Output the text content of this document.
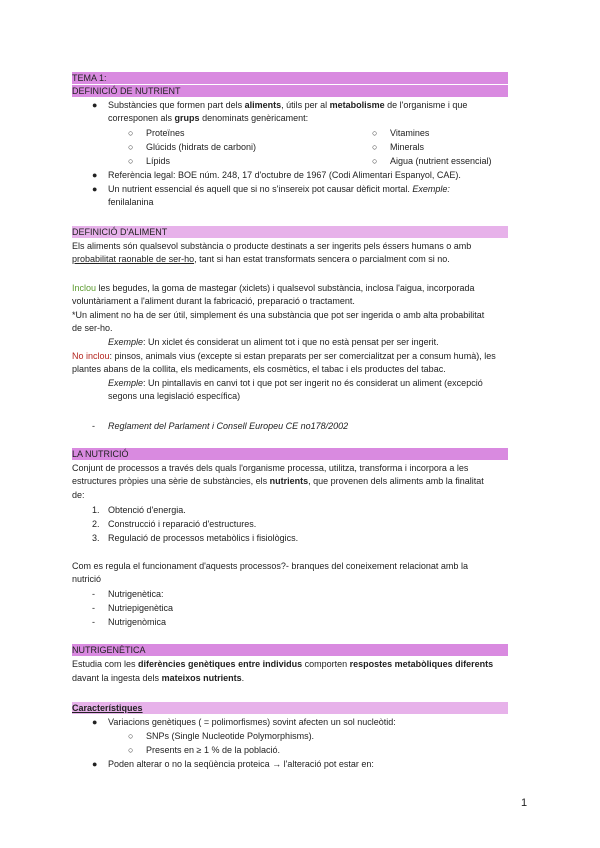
TEMA 1:
DEFINICIÓ DE NUTRIENT
● Substàncies que formen part dels aliments, útils per al metabolisme de l'organisme i que
corresponen als grups denominats genèricament:
○ Proteïnes
○ Glúcids (hidrats de carboni)
○ Lípids
○ Vitamines
○ Minerals
○ Aigua (nutrient essencial)
● Referència legal: BOE núm. 248, 17 d'octubre de 1967 (Codi Alimentari Espanyol, CAE).
● Un nutrient essencial és aquell que si no s'insereix pot causar dèficit mortal. Exemple:
fenilalanina
DEFINICIÓ D'ALIMENT
Els aliments són qualsevol substància o producte destinats a ser ingerits pels éssers humans o amb
probabilitat raonable de ser-ho, tant si han estat transformats sencera o parcialment com si no.
Inclou les begudes, la goma de mastegar (xiclets) i qualsevol substància, inclosa l'aigua, incorporada
voluntàriament a l'aliment durant la fabricació, preparació o tractament.
*Un aliment no ha de ser útil, simplement és una substància que pot ser ingerida o amb alta probabilitat
de ser-ho.
Exemple: Un xiclet és considerat un aliment tot i que no està pensat per ser ingerit.
No inclou: pinsos, animals vius (excepte si estan preparats per ser comercialitzat per a consum humà), les
plantes abans de la collita, els medicaments, els cosmètics, el tabac i els productes del tabac.
Exemple: Un pintallavis en canvi tot i que pot ser ingerit no és considerat un aliment (excepció
segons una legislació específica)
- Reglament del Parlament i Consell Europeu CE no178/2002
LA NUTRICIÓ
Conjunt de processos a través dels quals l'organisme processa, utilitza, transforma i incorpora a les
estructures pròpies una sèrie de substàncies, els nutrients, que provenen dels aliments amb la finalitat
de:
1. Obtenció d'energia.
2. Construcció i reparació d'estructures.
3. Regulació de processos metabòlics i fisiològics.
Com es regula el funcionament d'aquests processos?- branques del coneixement relacionat amb la
nutrició
- Nutrigenètica:
- Nutriepigenètica
- Nutrigenòmica
NUTRIGENÈTICA
Estudia com les diferències genètiques entre individus comporten respostes metabòliques diferents
davant la ingesta dels mateixos nutrients.
Característiques
● Variacions genètiques ( = polimorfismes) sovint afecten un sol nucleòtid:
○ SNPs (Single Nucleotide Polymorphisms).
○ Presents en ≥ 1 % de la població.
● Poden alterar o no la seqüència proteica → l'alteració pot estar en:
1
